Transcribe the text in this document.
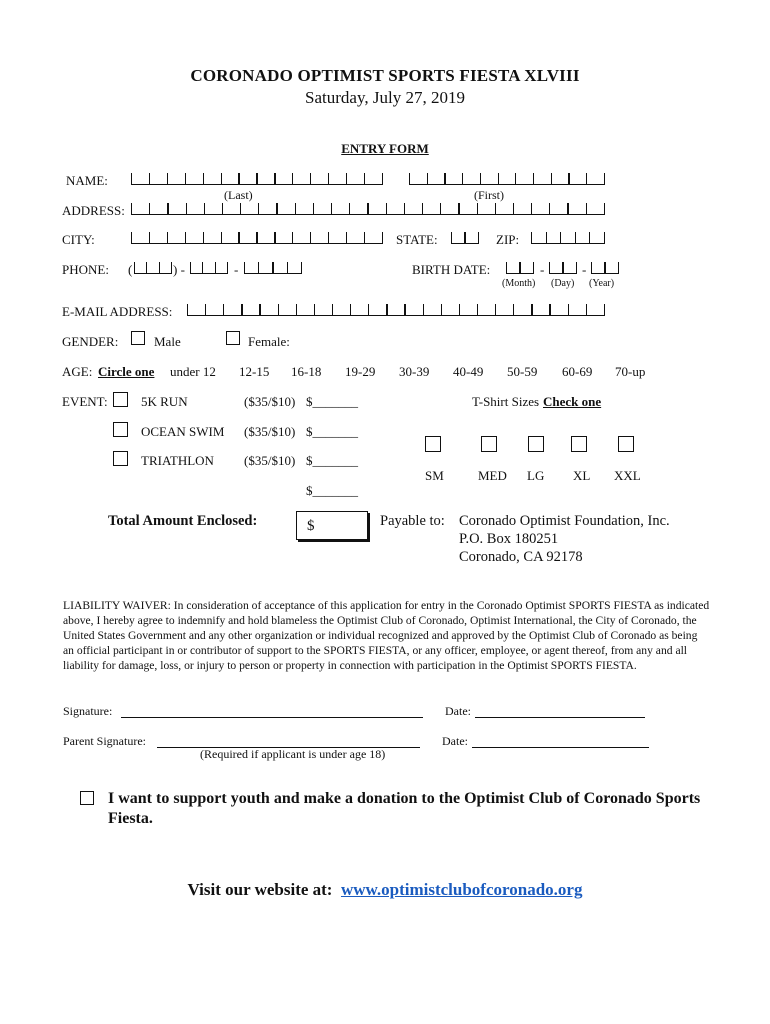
CORONADO OPTIMIST SPORTS FIESTA XLVIII
Saturday, July 27, 2019
ENTRY FORM
NAME:
(Last)	(First)
ADDRESS:
CITY:	STATE:	ZIP:
PHONE: (	) -	-	BIRTH DATE:	-	-
(Month) (Day) (Year)
E-MAIL ADDRESS:
GENDER:	Male	Female:
AGE: Circle one under 12 12-15 16-18 19-29 30-39 40-49 50-59 60-69 70-up
EVENT:	5K RUN	($35/$10) $_______
OCEAN SWIM ($35/$10) $_______
TRIATHLON ($35/$10) $_______
$_______
T-Shirt Sizes Check one
SM	MED LG XL XXL
Total Amount Enclosed:	$	Payable to: Coronado Optimist Foundation, Inc.
P.O. Box 180251
Coronado, CA 92178
LIABILITY WAIVER: In consideration of acceptance of this application for entry in the Coronado Optimist SPORTS FIESTA as indicated above, I hereby agree to indemnify and hold blameless the Optimist Club of Coronado, Optimist International, the City of Coronado, the United States Government and any other organization or individual recognized and approved by the Optimist Club of Coronado as being an official participant in or contributor of support to the SPORTS FIESTA, or any officer, employee, or agent thereof, from any and all liability for damage, loss, or injury to person or property in connection with participation in the Optimist SPORTS FIESTA.
Signature:	Date:
Parent Signature:	Date:
(Required if applicant is under age 18)
I want to support youth and make a donation to the Optimist Club of Coronado Sports Fiesta.
Visit our website at: www.optimistclubofcoronado.org
